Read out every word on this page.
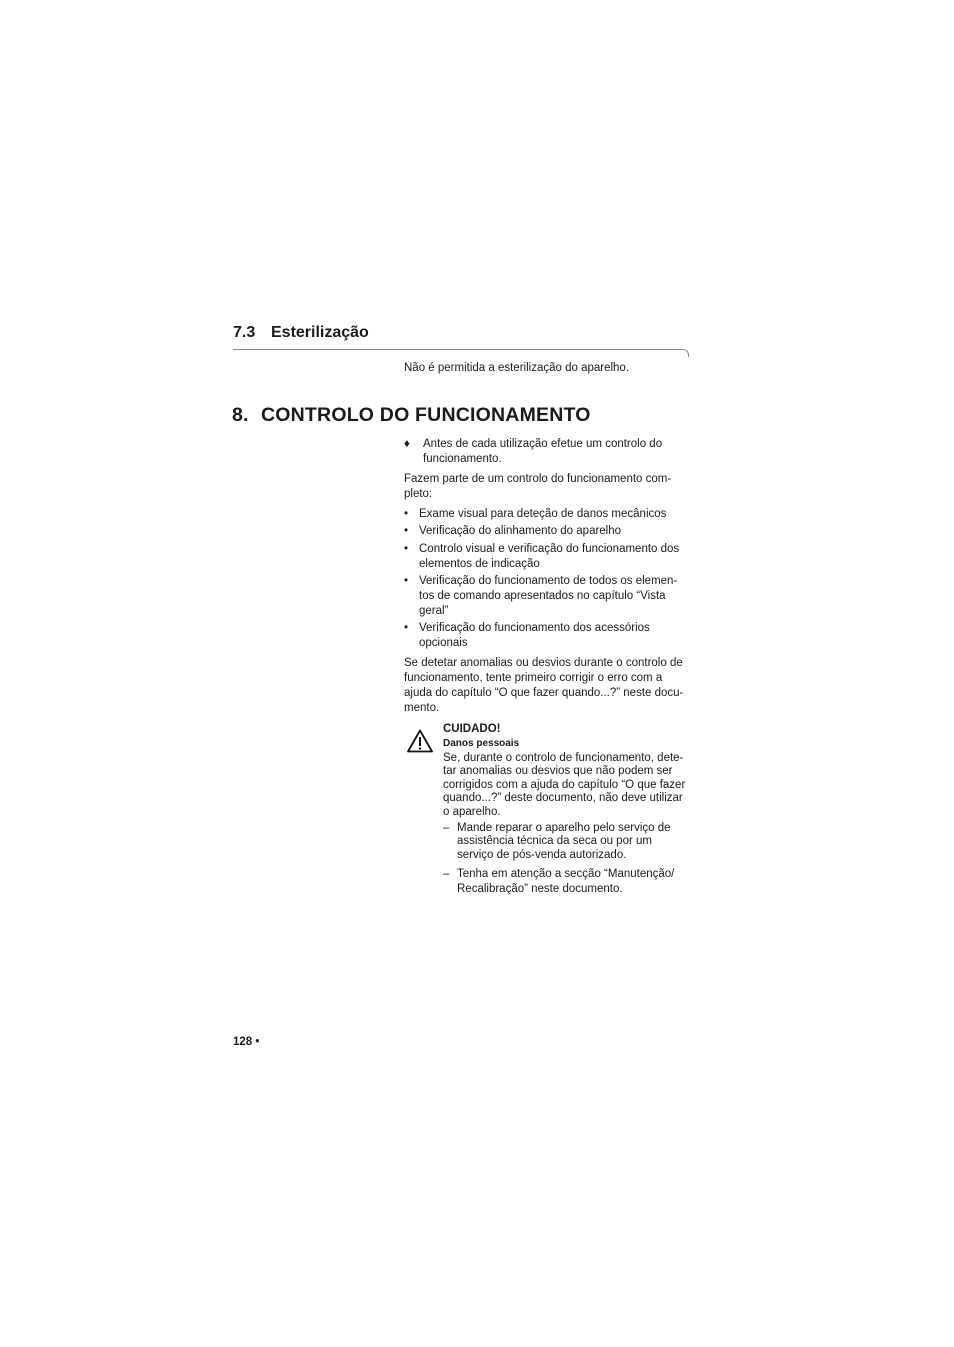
7.3 Esterilização
Não é permitida a esterilização do aparelho.
8. CONTROLO DO FUNCIONAMENTO
♦ Antes de cada utilização efetue um controlo do
funcionamento.
Fazem parte de um controlo do funcionamento com-
pleto:
• Exame visual para deteção de danos mecânicos
• Verificação do alinhamento do aparelho
• Controlo visual e verificação do funcionamento dos
elementos de indicação
• Verificação do funcionamento de todos os elemen-
tos de comando apresentados no capítulo “Vista
geral”
• Verificação do funcionamento dos acessórios
opcionais
Se detetar anomalias ou desvios durante o controlo de
funcionamento, tente primeiro corrigir o erro com a
ajuda do capítulo “O que fazer quando...?” neste docu-
mento.
CUIDADO!
Danos pessoais
Se, durante o controlo de funcionamento, dete-
tar anomalias ou desvios que não podem ser
corrigidos com a ajuda do capítulo “O que fazer
quando...?” deste documento, não deve utilizar
o aparelho.
– Mande reparar o aparelho pelo serviço de
assistência técnica da seca ou por um
serviço de pós-venda autorizado.
– Tenha em atenção a secção “Manutenção/
Recalibração” neste documento.
128 •
